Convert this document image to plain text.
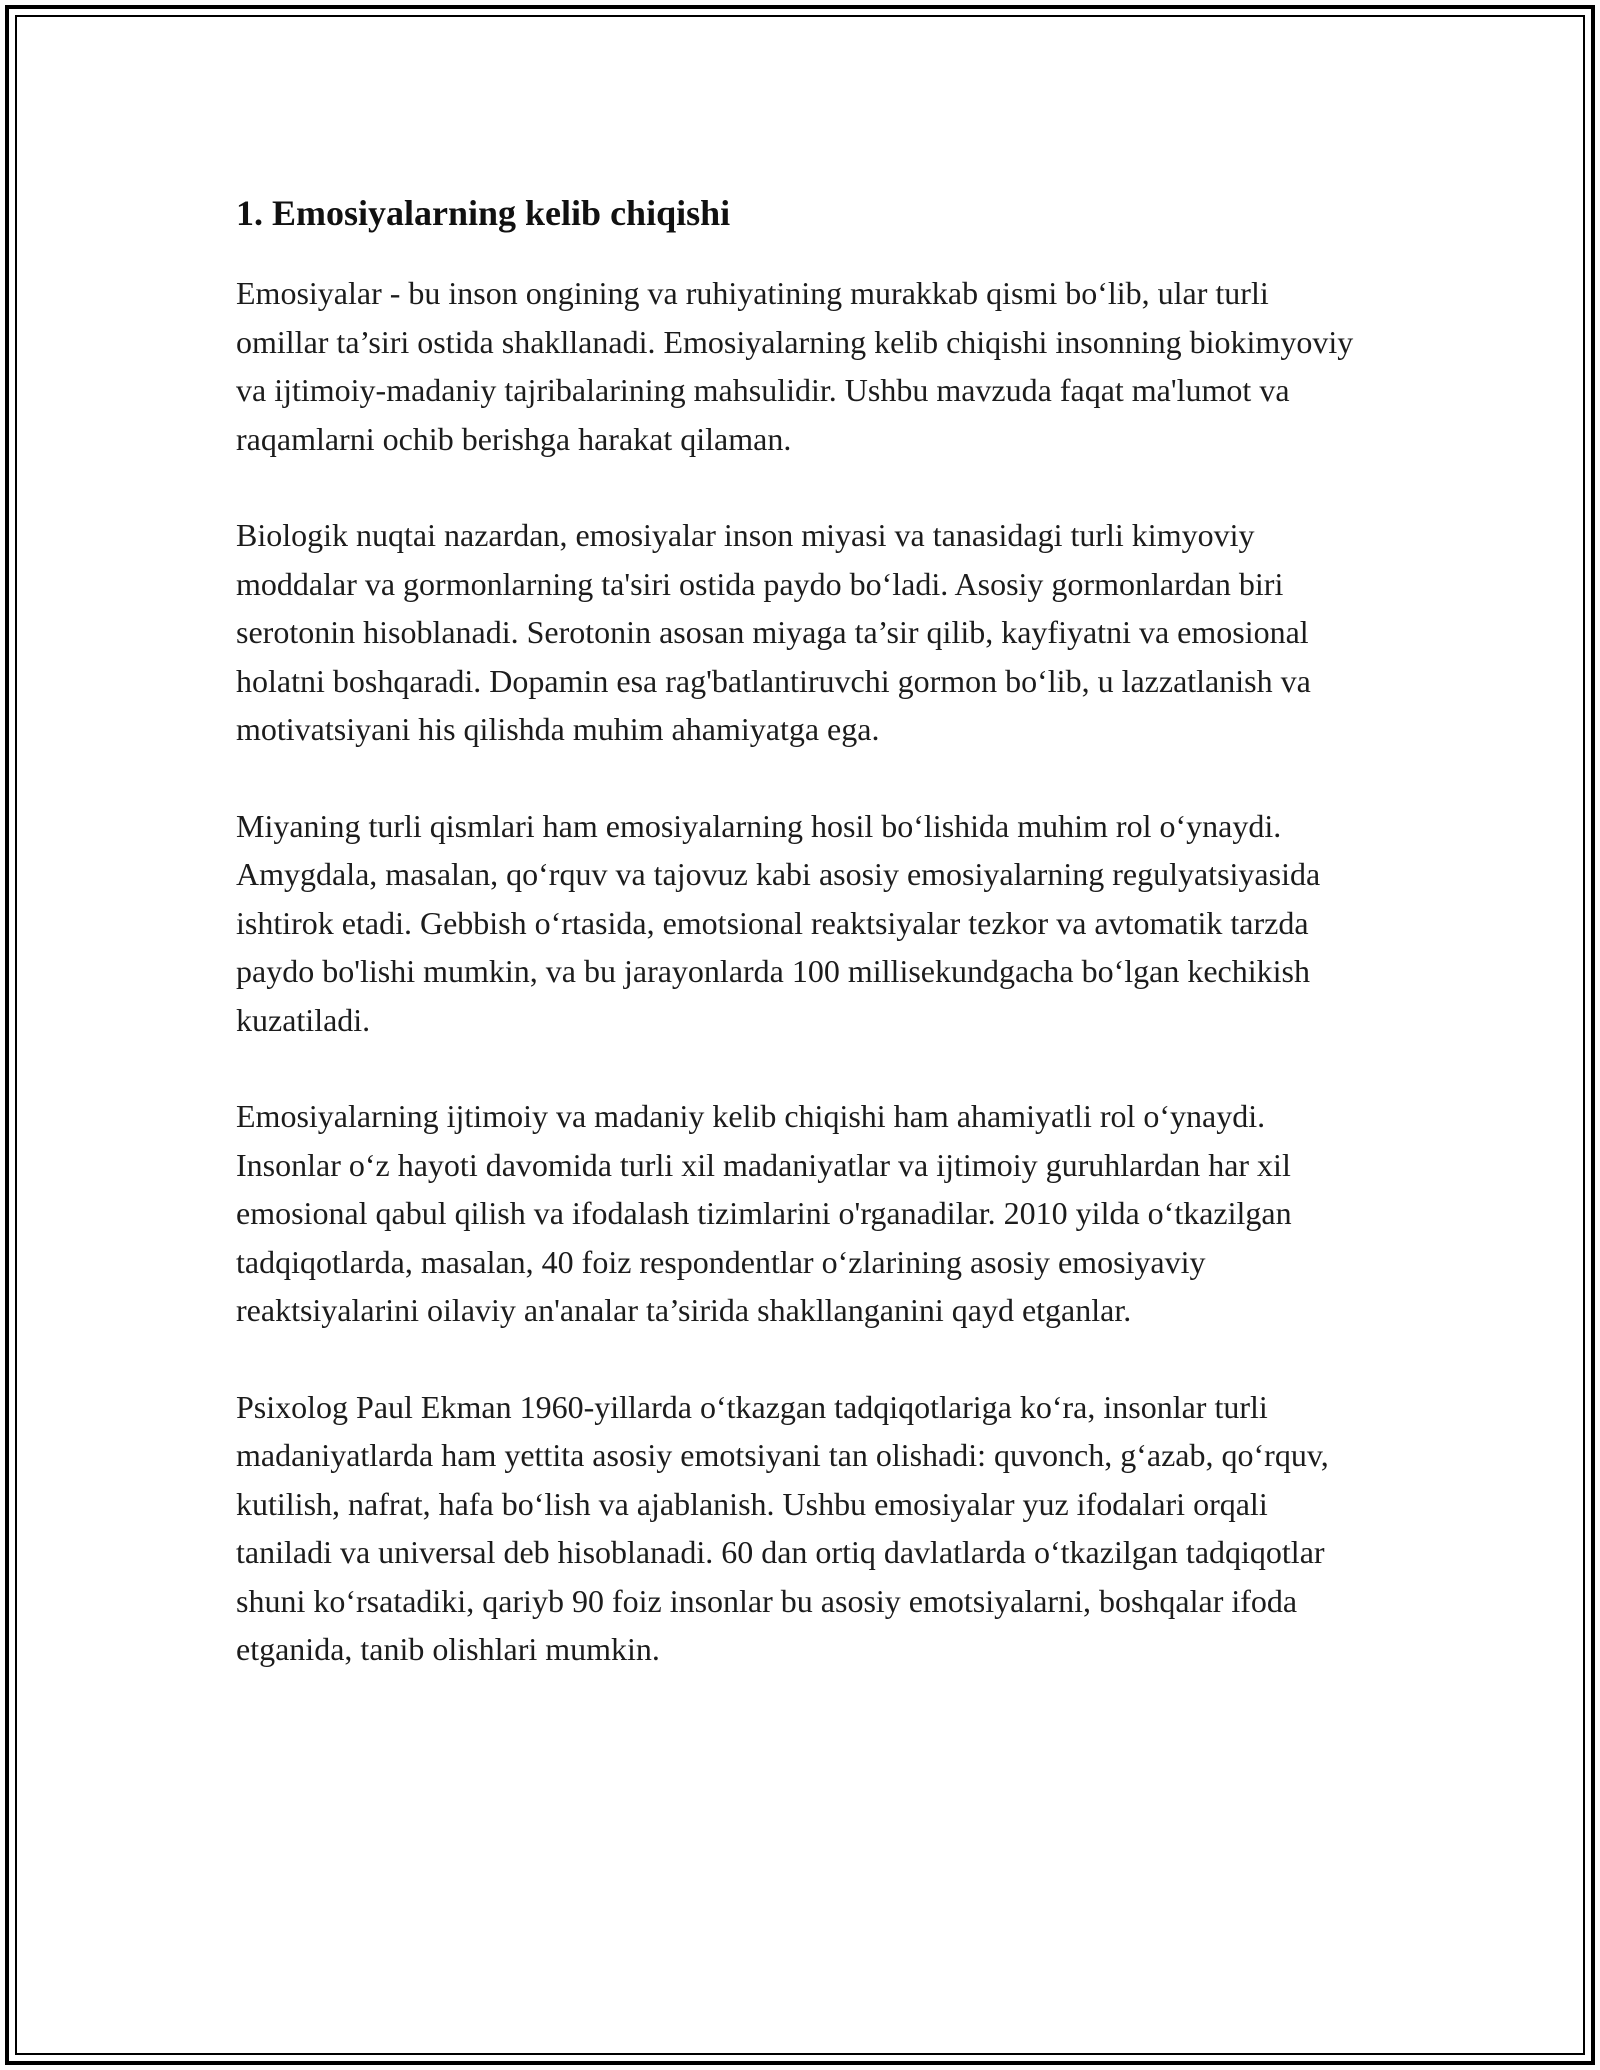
1. Emosiyalarning kelib chiqishi

Emosiyalar - bu inson ongining va ruhiyatining murakkab qismi bo‘lib, ular turli omillar ta’siri ostida shakllanadi. Emosiyalarning kelib chiqishi insonning biokimyoviy va ijtimoiy-madaniy tajribalarining mahsulidir. Ushbu mavzuda faqat ma'lumot va raqamlarni ochib berishga harakat qilaman.

Biologik nuqtai nazardan, emosiyalar inson miyasi va tanasidagi turli kimyoviy moddalar va gormonlarning ta'siri ostida paydo bo‘ladi. Asosiy gormonlardan biri serotonin hisoblanadi. Serotonin asosan miyaga ta’sir qilib, kayfiyatni va emosional holatni boshqaradi. Dopamin esa rag'batlantiruvchi gormon bo‘lib, u lazzatlanish va motivatsiyani his qilishda muhim ahamiyatga ega.

Miyaning turli qismlari ham emosiyalarning hosil bo‘lishida muhim rol o‘ynaydi. Amygdala, masalan, qo‘rquv va tajovuz kabi asosiy emosiyalarning regulyatsiyasida ishtirok etadi. Gebbish o‘rtasida, emotsional reaktsiyalar tezkor va avtomatik tarzda paydo bo'lishi mumkin, va bu jarayonlarda 100 millisekundgacha bo‘lgan kechikish kuzatiladi.

Emosiyalarning ijtimoiy va madaniy kelib chiqishi ham ahamiyatli rol o‘ynaydi. Insonlar o‘z hayoti davomida turli xil madaniyatlar va ijtimoiy guruhlardan har xil emosional qabul qilish va ifodalash tizimlarini o'rganadilar. 2010 yilda o‘tkazilgan tadqiqotlarda, masalan, 40 foiz respondentlar o‘zlarining asosiy emosiyaviy reaktsiyalarini oilaviy an'analar ta’sirida shakllanganini qayd etganlar.

Psixolog Paul Ekman 1960-yillarda o‘tkazgan tadqiqotlariga ko‘ra, insonlar turli madaniyatlarda ham yettita asosiy emotsiyani tan olishadi: quvonch, g‘azab, qo‘rquv, kutilish, nafrat, hafa bo‘lish va ajablanish. Ushbu emosiyalar yuz ifodalari orqali taniladi va universal deb hisoblanadi. 60 dan ortiq davlatlarda o‘tkazilgan tadqiqotlar shuni ko‘rsatadiki, qariyb 90 foiz insonlar bu asosiy emotsiyalarni, boshqalar ifoda etganida, tanib olishlari mumkin.
